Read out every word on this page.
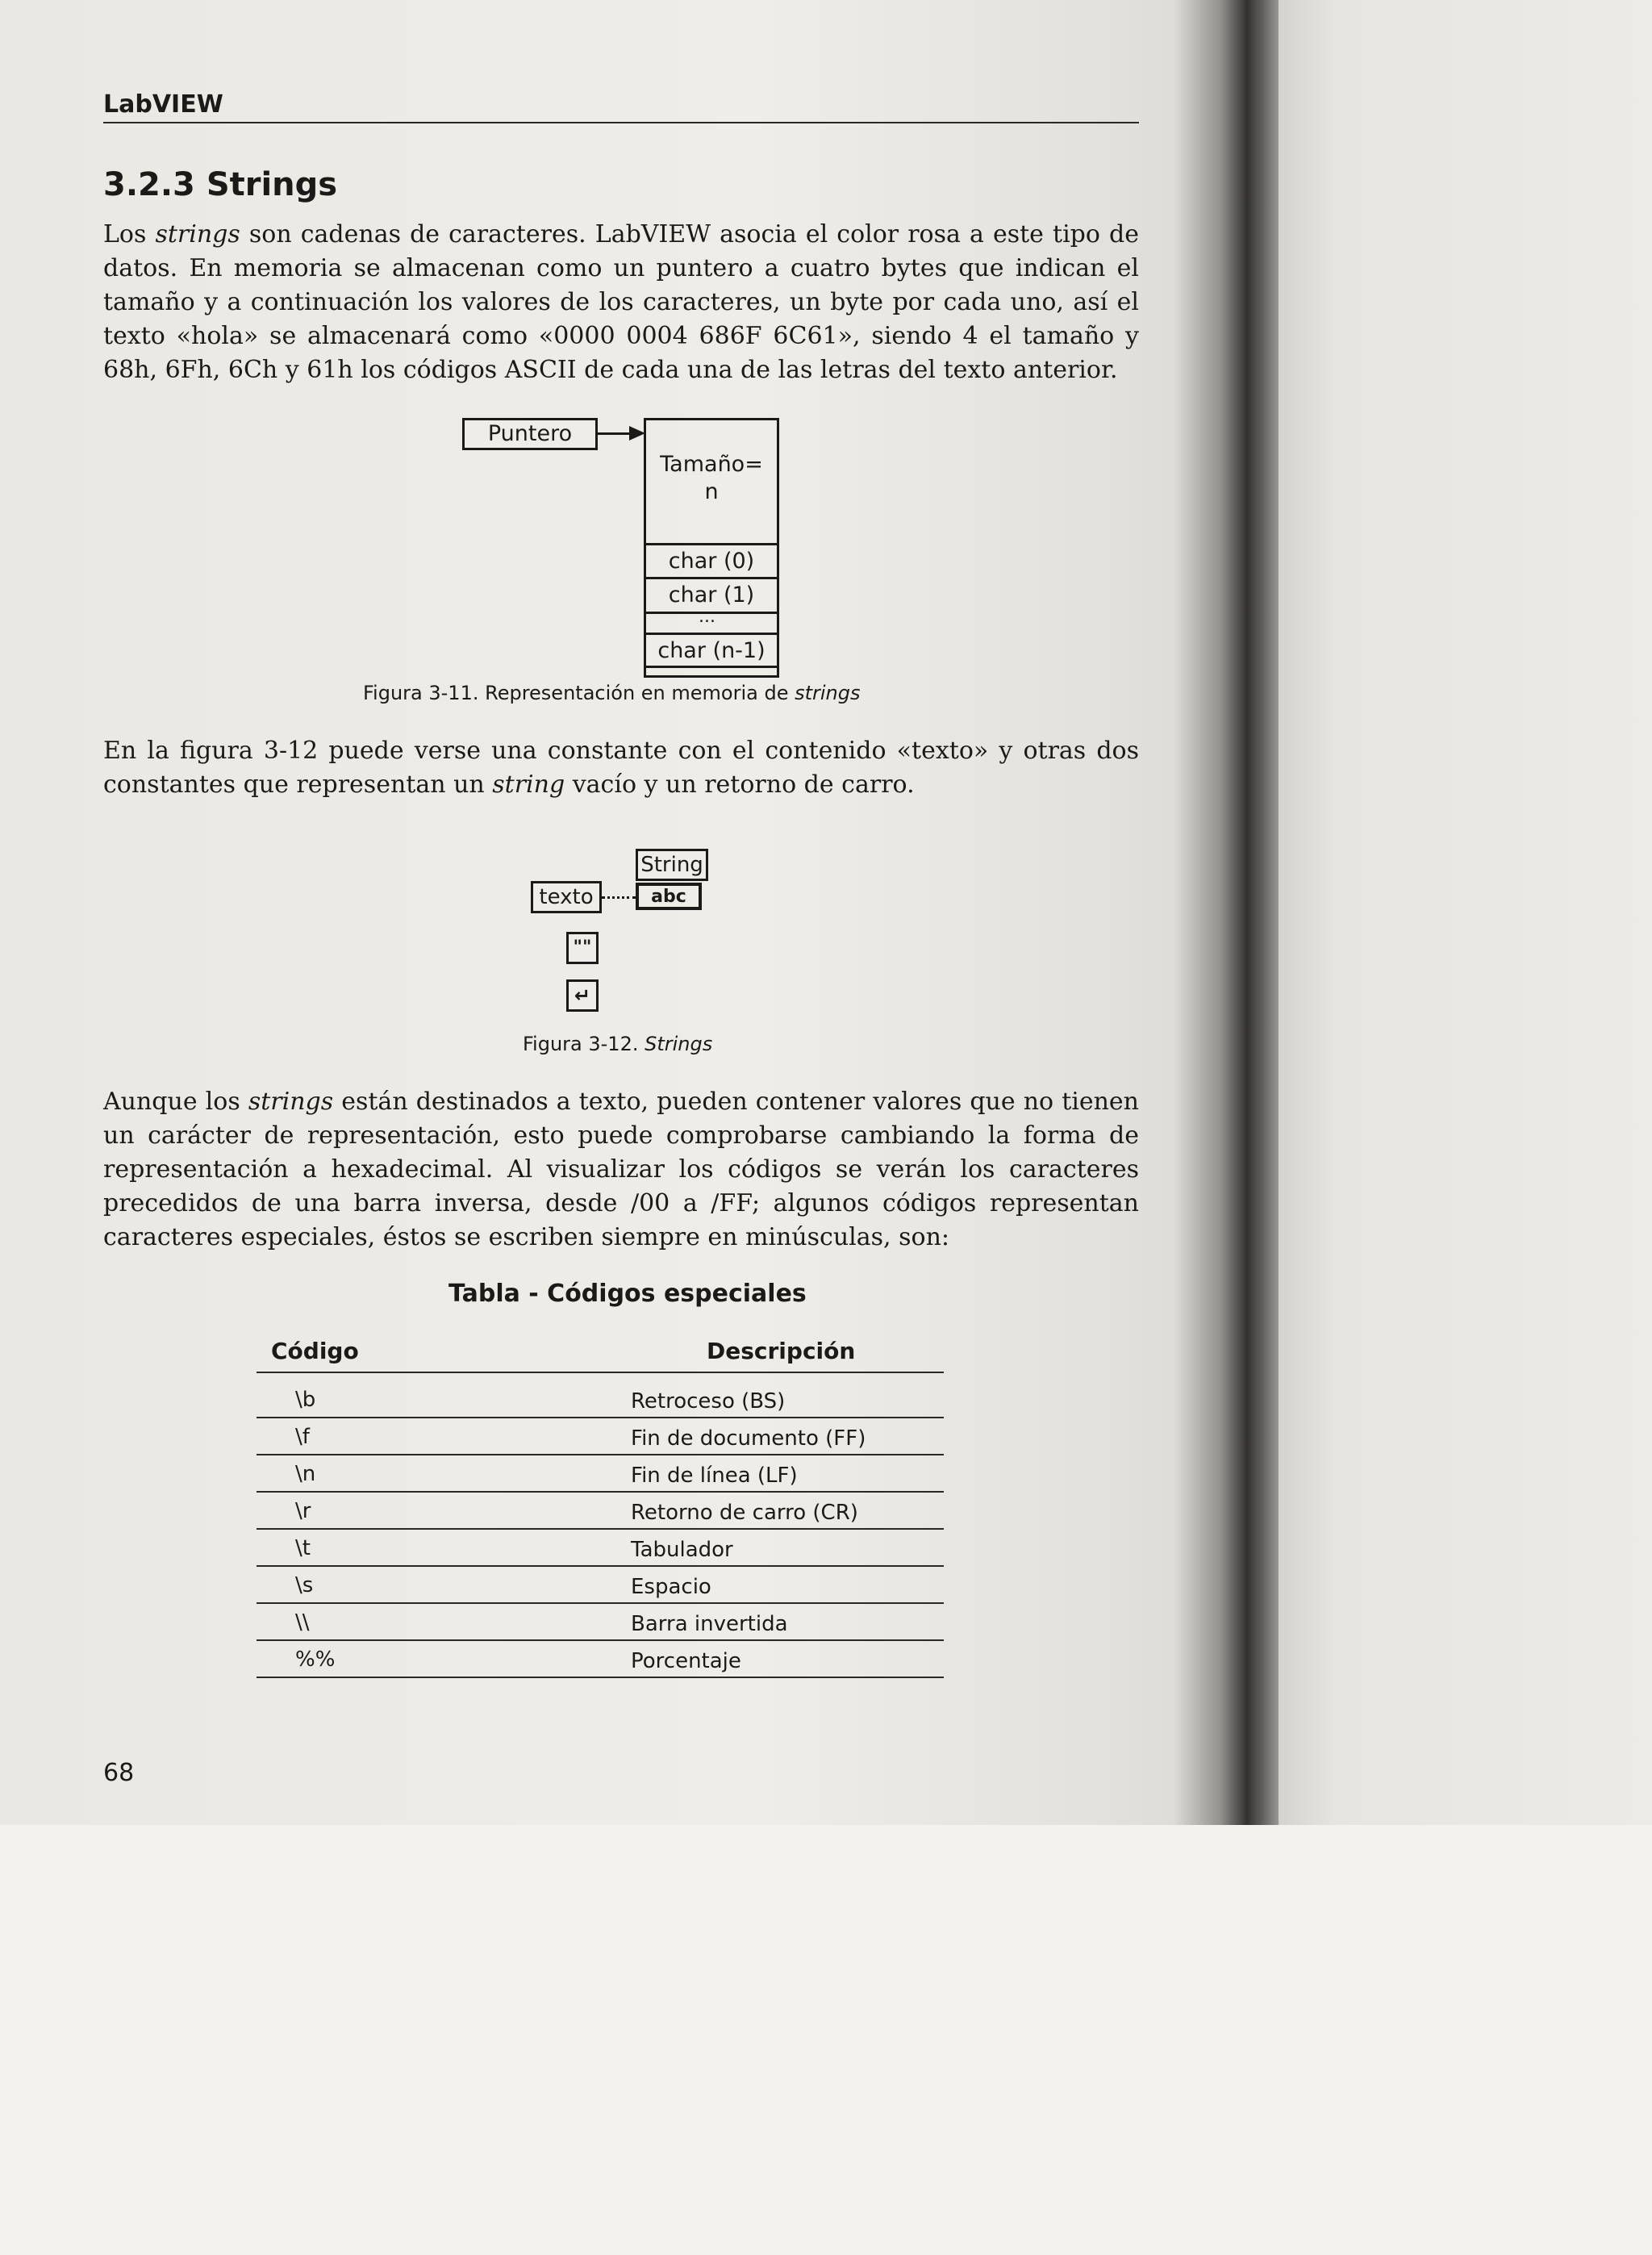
LabVIEW
3.2.3 Strings

Los strings son cadenas de caracteres. LabVIEW asocia el color rosa a este tipo de datos. En memoria se almacenan como un puntero a cuatro bytes que indican el tamaño y a continuación los valores de los caracteres, un byte por cada uno, así el texto «hola» se almacenará como «0000 0004 686F 6C61», siendo 4 el tamaño y 68h, 6Fh, 6Ch y 61h los códigos ASCII de cada una de las letras del texto anterior.

Puntero
Tamaño=
n
char (0)
char (1)
...
char (n-1)
Figura 3-11. Representación en memoria de strings

En la figura 3-12 puede verse una constante con el contenido «texto» y otras dos constantes que representan un string vacío y un retorno de carro.

String
texto	abc
""
↵
Figura 3-12. Strings

Aunque los strings están destinados a texto, pueden contener valores que no tienen un carácter de representación, esto puede comprobarse cambiando la forma de representación a hexadecimal. Al visualizar los códigos se verán los caracteres precedidos de una barra inversa, desde /00 a /FF; algunos códigos representan caracteres especiales, éstos se escriben siempre en minúsculas, son:

Tabla - Códigos especiales
Código	Descripción
\b	Retroceso (BS)
\f	Fin de documento (FF)
\n	Fin de línea (LF)
\r	Retorno de carro (CR)
\t	Tabulador
\s	Espacio
\\	Barra invertida
%%	Porcentaje
68
